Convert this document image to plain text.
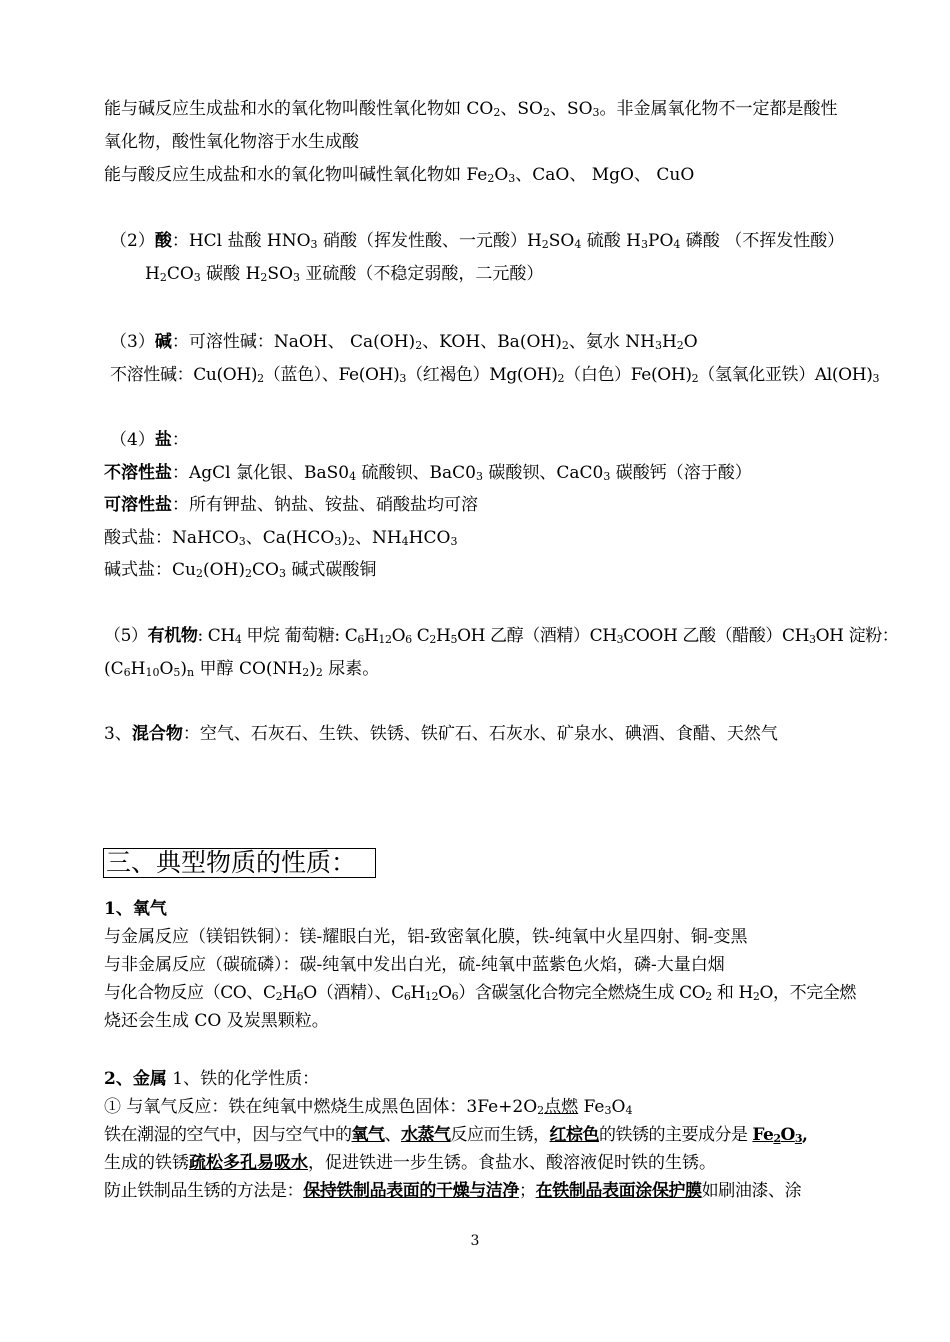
能与碱反应生成盐和水的氧化物叫酸性氧化物如 $CO_2$、$SO_2$、$SO_3$。非金属氧化物不一定都是酸性
氧化物，酸性氧化物溶于水生成酸
能与酸反应生成盐和水的氧化物叫碱性氧化物如 $Fe_2O_3$、CaO、 MgO、 CuO
（2）酸：HCl 盐酸 $HNO_3$ 硝酸（挥发性酸、一元酸）$H_2SO_4$ 硫酸 $H_3PO_4$ 磷酸 （不挥发性酸）
$H_2CO_3$ 碳酸 $H_2SO_3$ 亚硫酸（不稳定弱酸，二元酸）
（3）碱：可溶性碱：NaOH、 $Ca(OH)_2$、KOH、$Ba(OH)_2$、氨水 $NH_3H_2O$
不溶性碱：$Cu(OH)_2$（蓝色）、$Fe(OH)_3$（红褐色）$Mg(OH)_2$（白色）$Fe(OH)_2$（氢氧化亚铁）$Al(OH)_3$
（4）盐：
不溶性盐：AgCl 氯化银、$BaS0_4$ 硫酸钡、$BaC0_3$ 碳酸钡、$CaC0_3$ 碳酸钙（溶于酸）
可溶性盐：所有钾盐、钠盐、铵盐、硝酸盐均可溶
酸式盐：NaHCO$_3$、$Ca(HCO_3)_2$、$NH_4HCO_3$
碱式盐：$Cu_2(OH)_2CO_3$ 碱式碳酸铜
（5）有机物: $CH_4$ 甲烷 葡萄糖: $C_6H_{12}O_6$ $C_2H_5OH$ 乙醇（酒精）$CH_3COOH$ 乙酸（醋酸）$CH_3OH$ 淀粉：
$(C_6H_{10}O_5)_n$ 甲醇 $CO(NH_2)_2$ 尿素。
3、混合物：空气、石灰石、生铁、铁锈、铁矿石、石灰水、矿泉水、碘酒、食醋、天然气
三、典型物质的性质：
1、氧气
与金属反应（镁铝铁铜）：镁-耀眼白光，铝-致密氧化膜，铁-纯氧中火星四射、铜-变黑
与非金属反应（碳硫磷）：碳-纯氧中发出白光，硫-纯氧中蓝紫色火焰，磷-大量白烟
与化合物反应（CO、$C_2H_6O$（酒精）、$C_6H_{12}O_6$）含碳氢化合物完全燃烧生成 $CO_2$ 和 $H_2O$，不完全燃
烧还会生成 CO 及炭黑颗粒。
2、金属 1、铁的化学性质：
① 与氧气反应：铁在纯氧中燃烧生成黑色固体：$3Fe+2O_2$点燃 $Fe_3O_4$
铁在潮湿的空气中，因与空气中的氧气、水蒸气反应而生锈，红棕色的铁锈的主要成分是 $Fe_2O_3$,
生成的铁锈疏松多孔易吸水，促进铁进一步生锈。食盐水、酸溶液促时铁的生锈。
防止铁制品生锈的方法是：保持铁制品表面的干燥与洁净；在铁制品表面涂保护膜如刷油漆、涂
3
